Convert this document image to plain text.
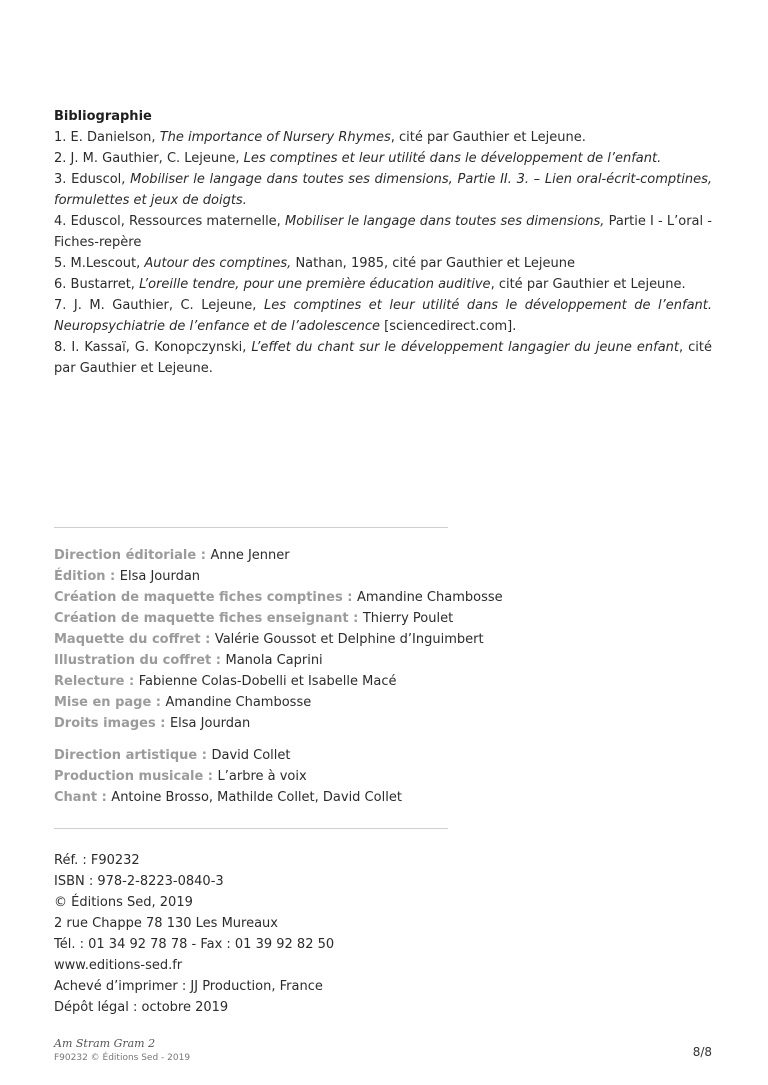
Bibliographie
1. E. Danielson, The importance of Nursery Rhymes, cité par Gauthier et Lejeune.
2. J. M. Gauthier, C. Lejeune, Les comptines et leur utilité dans le développement de l’enfant.
3. Eduscol, Mobiliser le langage dans toutes ses dimensions, Partie II. 3. – Lien oral-écrit-comptines, formulettes et jeux de doigts.
4. Eduscol, Ressources maternelle, Mobiliser le langage dans toutes ses dimensions, Partie I - L’oral - Fiches-repère
5. M.Lescout, Autour des comptines, Nathan, 1985, cité par Gauthier et Lejeune
6. Bustarret, L’oreille tendre, pour une première éducation auditive, cité par Gauthier et Lejeune.
7. J. M. Gauthier, C. Lejeune, Les comptines et leur utilité dans le développement de l’enfant. Neuropsychiatrie de l’enfance et de l’adolescence [sciencedirect.com].
8. I. Kassaï, G. Konopczynski, L’effet du chant sur le développement langagier du jeune enfant, cité par Gauthier et Lejeune.
Direction éditoriale : Anne Jenner
Édition : Elsa Jourdan
Création de maquette fiches comptines : Amandine Chambosse
Création de maquette fiches enseignant : Thierry Poulet
Maquette du coffret : Valérie Goussot et Delphine d’Inguimbert
Illustration du coffret : Manola Caprini
Relecture : Fabienne Colas-Dobelli et Isabelle Macé
Mise en page : Amandine Chambosse
Droits images : Elsa Jourdan
Direction artistique : David Collet
Production musicale : L’arbre à voix
Chant : Antoine Brosso, Mathilde Collet, David Collet
Réf. : F90232
ISBN : 978-2-8223-0840-3
© Éditions Sed, 2019
2 rue Chappe 78 130 Les Mureaux
Tél. : 01 34 92 78 78 - Fax : 01 39 92 82 50
www.editions-sed.fr
Achevé d’imprimer : JJ Production, France
Dépôt légal : octobre 2019
Am Stram Gram 2
F90232 © Éditions Sed - 2019	8/8
